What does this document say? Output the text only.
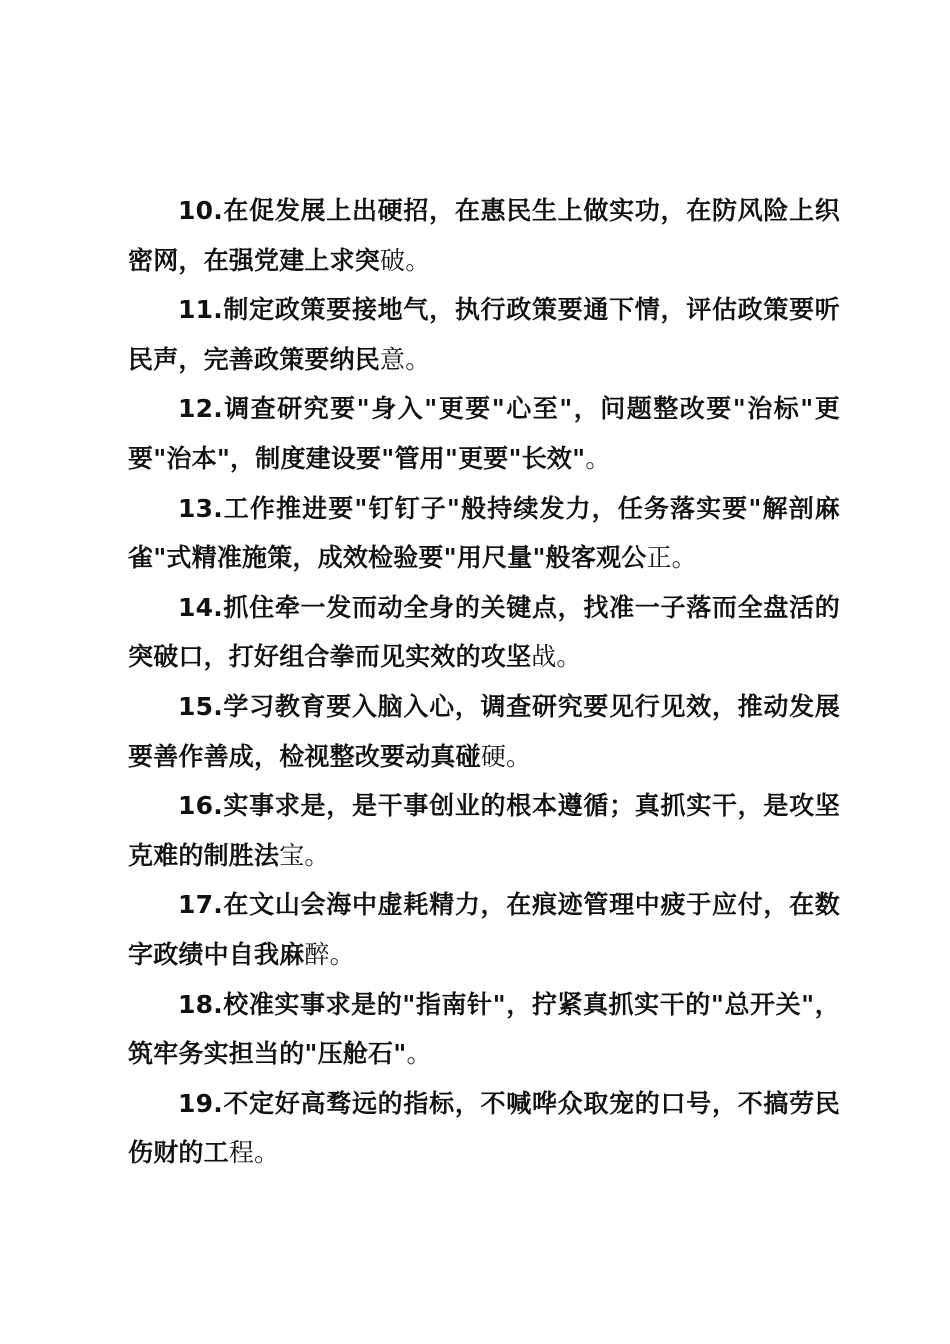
10.在促发展上出硬招，在惠民生上做实功，在防风险上织密网，在强党建上求突破。

11.制定政策要接地气，执行政策要通下情，评估政策要听民声，完善政策要纳民意。

12.调查研究要"身入"更要"心至"，问题整改要"治标"更要"治本"，制度建设要"管用"更要"长效"。

13.工作推进要"钉钉子"般持续发力，任务落实要"解剖麻雀"式精准施策，成效检验要"用尺量"般客观公正。

14.抓住牵一发而动全身的关键点，找准一子落而全盘活的突破口，打好组合拳而见实效的攻坚战。

15.学习教育要入脑入心，调查研究要见行见效，推动发展要善作善成，检视整改要动真碰硬。

16.实事求是，是干事创业的根本遵循；真抓实干，是攻坚克难的制胜法宝。

17.在文山会海中虚耗精力，在痕迹管理中疲于应付，在数字政绩中自我麻醉。

18.校准实事求是的"指南针"，拧紧真抓实干的"总开关"，筑牢务实担当的"压舱石"。

19.不定好高骛远的指标，不喊哗众取宠的口号，不搞劳民伤财的工程。
